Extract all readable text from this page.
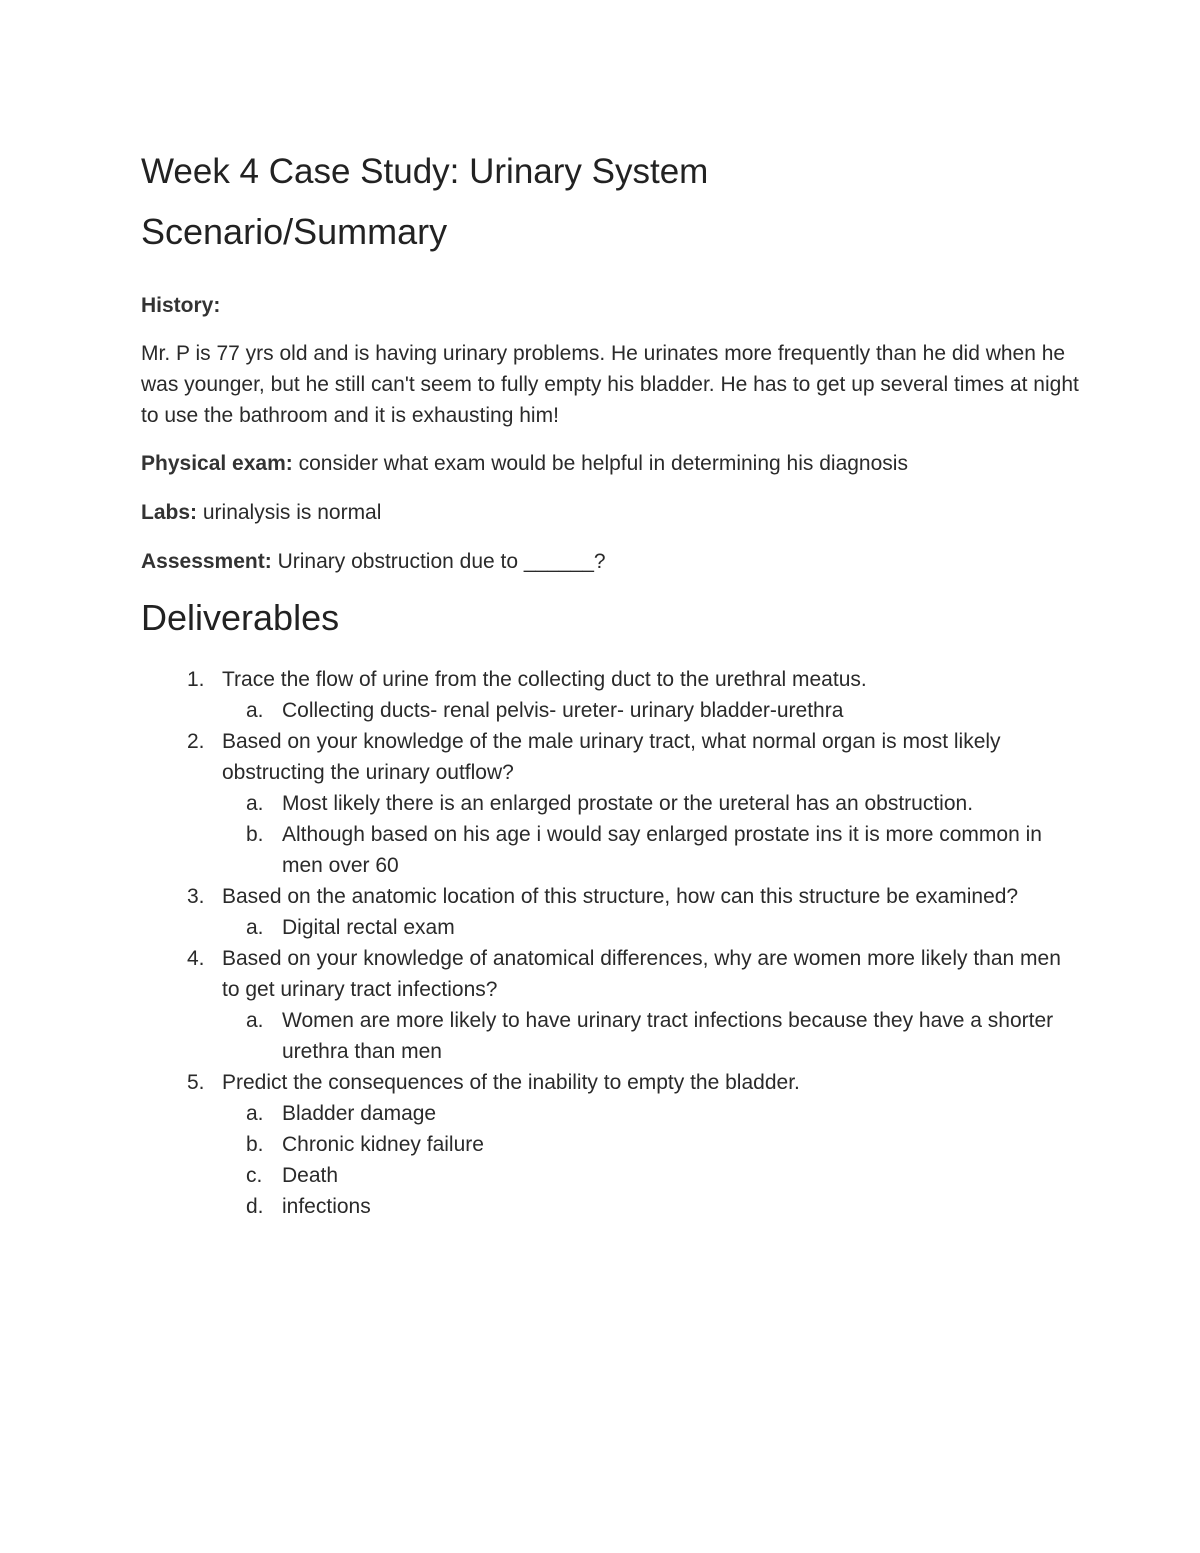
Week 4 Case Study: Urinary System
Scenario/Summary

History:

Mr. P is 77 yrs old and is having urinary problems. He urinates more frequently than he did when he was younger, but he still can't seem to fully empty his bladder. He has to get up several times at night to use the bathroom and it is exhausting him!

Physical exam: consider what exam would be helpful in determining his diagnosis

Labs: urinalysis is normal

Assessment: Urinary obstruction due to ______?

Deliverables
1. Trace the flow of urine from the collecting duct to the urethral meatus.
a. Collecting ducts- renal pelvis- ureter- urinary bladder-urethra
2. Based on your knowledge of the male urinary tract, what normal organ is most likely obstructing the urinary outflow?
a. Most likely there is an enlarged prostate or the ureteral has an obstruction.
b. Although based on his age i would say enlarged prostate ins it is more common in men over 60
3. Based on the anatomic location of this structure, how can this structure be examined?
a. Digital rectal exam
4. Based on your knowledge of anatomical differences, why are women more likely than men to get urinary tract infections?
a. Women are more likely to have urinary tract infections because they have a shorter urethra than men
5. Predict the consequences of the inability to empty the bladder.
a. Bladder damage
b. Chronic kidney failure
c. Death
d. infections
